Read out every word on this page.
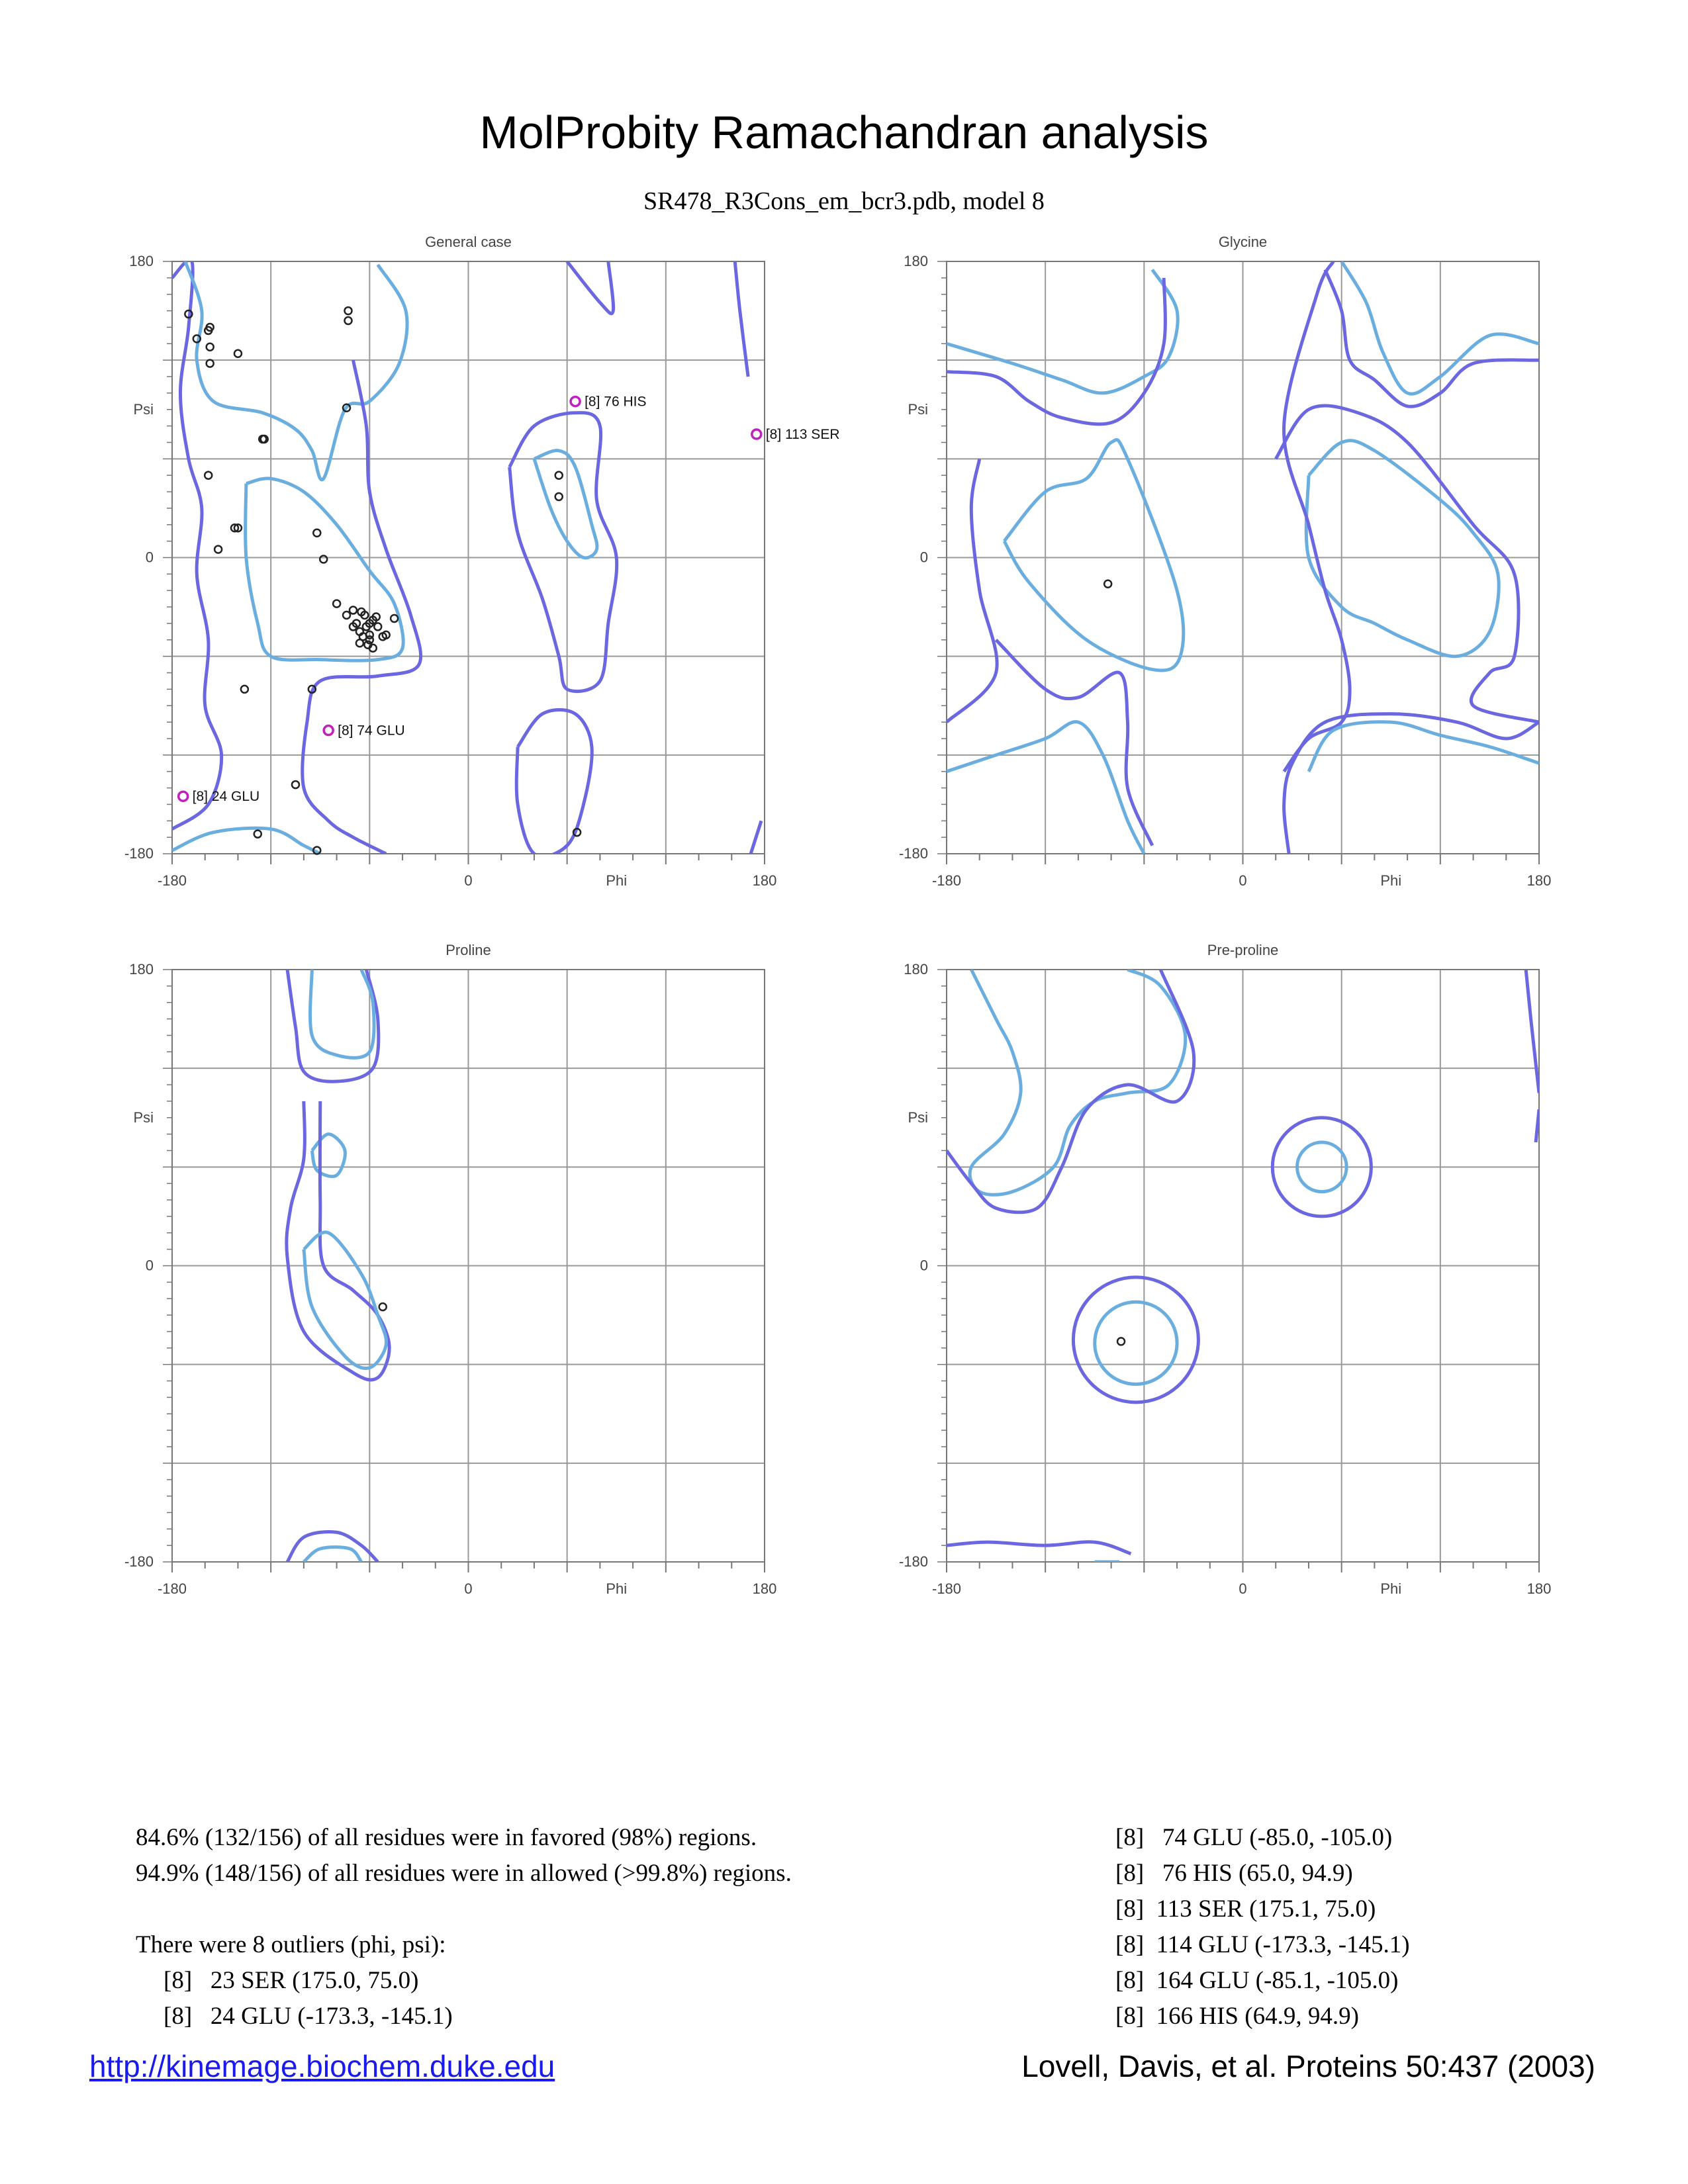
MolProbity Ramachandran analysis
SR478_R3Cons_em_bcr3.pdb, model 8
General case
-180	0	180
-180
0
180
Phi
Psi	[8] 76 HIS
[8] 113 SER
[8] 74 GLU
[8] 24 GLU
Glycine
-180	0	180
-180
0
180
Phi
Psi
Proline
-180	0	180
-180
0
180
Phi
Psi
Pre-proline
-180	0	180
-180
0
180
Phi
Psi
84.6% (132/156) of all residues were in favored (98%) regions.
94.9% (148/156) of all residues were in allowed (>99.8%) regions.
There were 8 outliers (phi, psi):
[8]   23 SER (175.0, 75.0)
[8]   24 GLU (-173.3, -145.1)
[8]   74 GLU (-85.0, -105.0)
[8]   76 HIS (65.0, 94.9)
[8]  113 SER (175.1, 75.0)
[8]  114 GLU (-173.3, -145.1)
[8]  164 GLU (-85.1, -105.0)
[8]  166 HIS (64.9, 94.9)
http://kinemage.biochem.duke.edu	Lovell, Davis, et al. Proteins 50:437 (2003)
